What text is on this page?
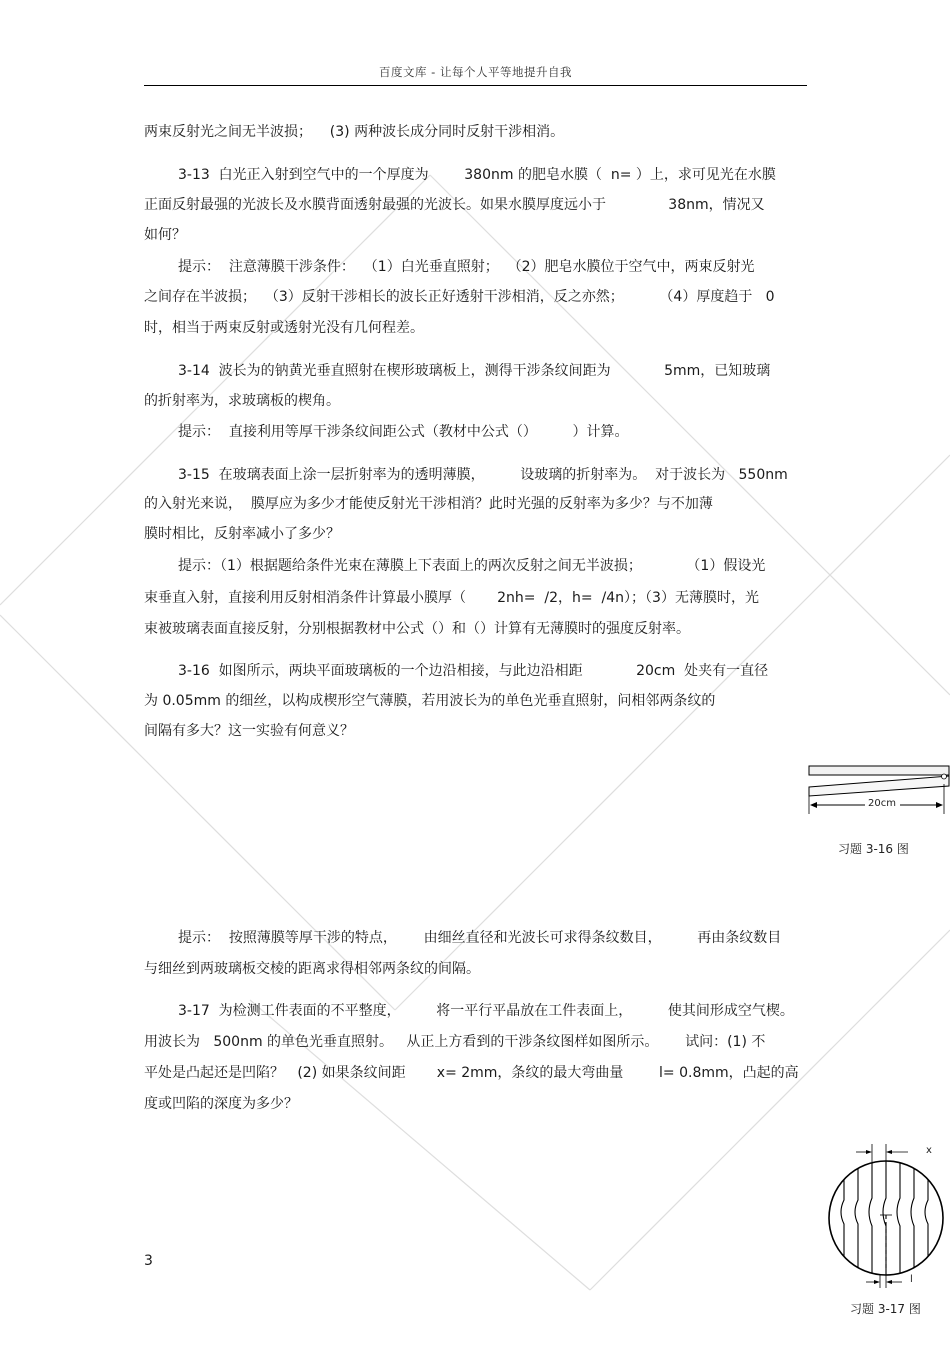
百度文库 - 让每个人平等地提升自我
两束反射光之间无半波损；    (3) 两种波长成分同时反射干涉相消。
3-13  白光正入射到空气中的一个厚度为        380nm 的肥皂水膜（  n= ）上，求可见光在水膜
正面反射最强的光波长及水膜背面透射最强的光波长。如果水膜厚度远小于              38nm，情况又
如何？
提示：  注意薄膜干涉条件：  （1）白光垂直照射；  （2）肥皂水膜位于空气中，两束反射光
之间存在半波损；  （3）反射干涉相长的波长正好透射干涉相消，反之亦然；        （4）厚度趋于   0
时，相当于两束反射或透射光没有几何程差。
3-14  波长为的钠黄光垂直照射在楔形玻璃板上，测得干涉条纹间距为            5mm，已知玻璃
的折射率为，求玻璃板的楔角。
提示：  直接利用等厚干涉条纹间距公式（教材中公式（）        ）计算。
3-15  在玻璃表面上涂一层折射率为的透明薄膜，        设玻璃的折射率为。  对于波长为   550nm
的入射光来说，  膜厚应为多少才能使反射光干涉相消？此时光强的反射率为多少？与不加薄
膜时相比，反射率减小了多少？
提示：（1）根据题给条件光束在薄膜上下表面上的两次反射之间无半波损；          （1）假设光
束垂直入射，直接利用反射相消条件计算最小膜厚（       2nh=  /2，h=  /4n）；（3）无薄膜时，光
束被玻璃表面直接反射，分别根据教材中公式（）和（）计算有无薄膜时的强度反射率。
3-16  如图所示，两块平面玻璃板的一个边沿相接，与此边沿相距            20cm  处夹有一直径
为 0.05mm 的细丝，以构成楔形空气薄膜，若用波长为的单色光垂直照射，问相邻两条纹的
间隔有多大？这一实验有何意义？
20cm
习题 3-16 图
提示：  按照薄膜等厚干涉的特点，      由细丝直径和光波长可求得条纹数目，        再由条纹数目
与细丝到两玻璃板交棱的距离求得相邻两条纹的间隔。
3-17  为检测工件表面的不平整度，        将一平行平晶放在工件表面上，        使其间形成空气楔。
用波长为   500nm 的单色光垂直照射。   从正上方看到的干涉条纹图样如图所示。      试问：(1) 不
平处是凸起还是凹陷？   (2) 如果条纹间距       x= 2mm，条纹的最大弯曲量        l= 0.8mm，凸起的高
度或凹陷的深度为多少？
x
l
习题 3-17 图
3
